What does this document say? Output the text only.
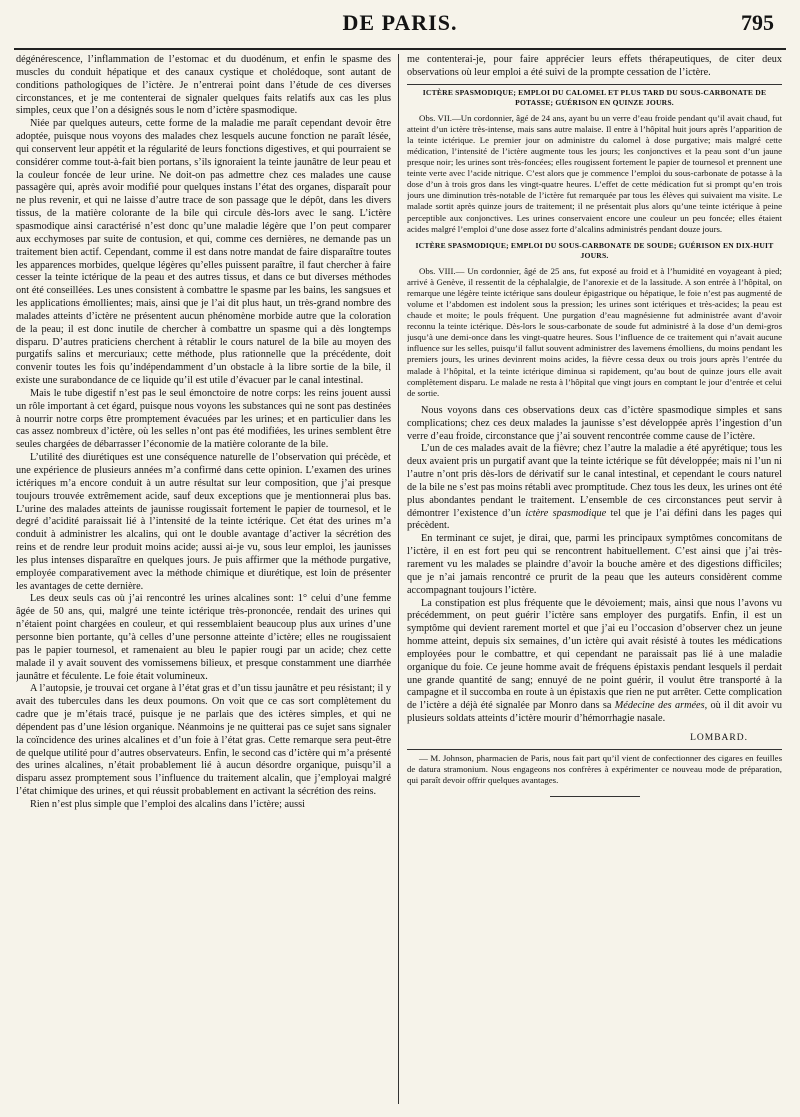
DE PARIS.	795

dégénérescence, l’inflammation de l’estomac et du duodénum, et enfin le spasme des muscles du conduit hépatique et des canaux cystique et cholédoque, sont autant de conditions pathologiques de l’ictère. Je n’entrerai point dans l’étude de ces diverses circonstances, et je me contenterai de signaler quelques faits relatifs aux cas les plus simples, ceux que l’on a désignés sous le nom d’ictère spasmodique.

Niée par quelques auteurs, cette forme de la maladie me paraît cependant devoir être adoptée, puisque nous voyons des malades chez lesquels aucune fonction ne paraît lésée, qui conservent leur appétit et la régularité de leurs fonctions digestives, et qui pourraient se considérer comme tout-à-fait bien portans, s’ils ignoraient la teinte jaunâtre de leur peau et la couleur foncée de leur urine. Ne doit-on pas admettre chez ces malades une cause passagère qui, après avoir modifié pour quelques instans l’état des organes, disparaît pour ne plus revenir, et qui ne laisse d’autre trace de son passage que le dépôt, dans les divers tissus, de la matière colorante de la bile qui circule dès-lors avec le sang. L’ictère spasmodique ainsi caractérisé n’est donc qu’une maladie légère que l’on peut comparer aux ecchymoses par suite de contusion, et qui, comme ces dernières, ne demande pas un traitement bien actif. Cependant, comme il est dans notre mandat de faire disparaître toutes les apparences morbides, quelque légères qu’elles puissent paraître, il faut chercher à faire cesser la teinte ictérique de la peau et des autres tissus, et dans ce but diverses méthodes ont été conseillées. Les unes consistent à combattre le spasme par les bains, les sangsues et les applications émollientes; mais, ainsi que je l’ai dit plus haut, un très-grand nombre des malades atteints d’ictère ne présentent aucun phénomène morbide autre que la coloration de la peau; il est donc inutile de chercher à combattre un spasme qui a dès longtemps disparu. D’autres praticiens cherchent à rétablir le cours naturel de la bile au moyen des purgatifs salins et mercuriaux; cette méthode, plus rationnelle que la précédente, doit convenir toutes les fois qu’indépendamment d’un obstacle à la libre sortie de la bile, il existe une surabondance de ce liquide qu’il est utile d’évacuer par le canal intestinal.

Mais le tube digestif n’est pas le seul émonctoire de notre corps: les reins jouent aussi un rôle important à cet égard, puisque nous voyons les substances qui ne sont pas destinées à nourrir notre corps être promptement évacuées par les urines; et en particulier dans les cas assez nombreux d’ictère, où les selles n’ont pas été modifiées, les urines semblent être seules chargées de débarrasser l’économie de la matière colorante de la bile.

L’utilité des diurétiques est une conséquence naturelle de l’observation qui précède, et une expérience de plusieurs années m’a confirmé dans cette opinion. L’examen des urines ictériques m’a encore conduit à un autre résultat sur leur composition, que j’ai presque toujours trouvée extrêmement acide, sauf deux exceptions que je mentionnerai plus bas. L’urine des malades atteints de jaunisse rougissait fortement le papier de tournesol, et le degré d’acidité paraissait lié à l’intensité de la teinte ictérique. Cet état des urines m’a conduit à administrer les alcalins, qui ont le double avantage d’activer la sécrétion des reins et de rendre leur produit moins acide; aussi ai-je vu, sous leur emploi, les jaunisses les plus intenses disparaître en quelques jours. Je puis affirmer que la méthode purgative, employée comparativement avec la méthode chimique et diurétique, est loin de présenter les avantages de cette dernière.

Les deux seuls cas où j’ai rencontré les urines alcalines sont: 1° celui d’une femme âgée de 50 ans, qui, malgré une teinte ictérique très-prononcée, rendait des urines qui n’étaient point chargées en couleur, et qui ressemblaient beaucoup plus aux urines d’une personne bien portante, qu’à celles d’une personne atteinte d’ictère; elles ne rougissaient pas le papier tournesol, et ramenaient au bleu le papier rougi par un acide; chez cette malade il y avait souvent des vomissemens bilieux, et presque constamment une diarrhée jaunâtre et féculente. Le foie était volumineux.

A l’autopsie, je trouvai cet organe à l’état gras et d’un tissu jaunâtre et peu résistant; il y avait des tubercules dans les deux poumons. On voit que ce cas sort complètement du cadre que je m’étais tracé, puisque je ne parlais que des ictères simples, et qui ne dépendent pas d’une lésion organique. Néanmoins je ne quitterai pas ce sujet sans signaler la coïncidence des urines alcalines et d’un foie à l’état gras. Cette remarque sera peut-être de quelque utilité pour d’autres observateurs. Enfin, le second cas d’ictère qui m’a présenté des urines alcalines, n’était probablement lié à aucun désordre organique, puisqu’il a disparu assez promptement sous l’influence du traitement alcalin, que j’employai malgré l’état chimique des urines, et qui réussit probablement en activant la sécrétion des reins.

Rien n’est plus simple que l’emploi des alcalins dans l’ictère; aussi

me contenterai-je, pour faire apprécier leurs effets thérapeutiques, de citer deux observations où leur emploi a été suivi de la prompte cessation de l’ictère.

ICTÈRE SPASMODIQUE; EMPLOI DU CALOMEL ET PLUS TARD DU SOUS-CARBONATE DE POTASSE; GUÉRISON EN QUINZE JOURS.

Obs. VII.—Un cordonnier, âgé de 24 ans, ayant bu un verre d’eau froide pendant qu’il avait chaud, fut atteint d’un ictère très-intense, mais sans autre malaise. Il entre à l’hôpital huit jours après l’apparition de la teinte ictérique. Le premier jour on administre du calomel à dose purgative; mais malgré cette médication, l’intensité de l’ictère augmente tous les jours; les conjonctives et la peau sont d’un jaune presque noir; les urines sont très-foncées; elles rougissent fortement le papier de tournesol et prennent une teinte verte avec l’acide nitrique. C’est alors que je commence l’emploi du sous-carbonate de potasse à la dose d’un à trois gros dans les vingt-quatre heures. L’effet de cette médication fut si prompt qu’en trois jours une diminution très-notable de l’ictère fut remarquée par tous les élèves qui suivaient ma visite. Le malade sortit après quinze jours de traitement; il ne présentait plus alors qu’une teinte ictérique à peine perceptible aux conjonctives. Les urines conservaient encore une couleur un peu foncée; elles étaient acides malgré l’emploi d’une dose assez forte d’alcalins administrés pendant douze jours.

ICTÈRE SPASMODIQUE; EMPLOI DU SOUS-CARBONATE DE SOUDE; GUÉRISON EN DIX-HUIT JOURS.

Obs. VIII.— Un cordonnier, âgé de 25 ans, fut exposé au froid et à l’humidité en voyageant à pied; arrivé à Genève, il ressentit de la céphalalgie, de l’anorexie et de la lassitude. A son entrée à l’hôpital, on remarque une légère teinte ictérique sans douleur épigastrique ou hépatique, le foie n’est pas augmenté de volume et l’abdomen est indolent sous la pression; les urines sont ictériques et très-acides; la peau est chaude et moite; le pouls fréquent. Une purgation d’eau magnésienne fut administrée avant d’avoir reconnu la teinte ictérique. Dès-lors le sous-carbonate de soude fut administré à la dose d’un demi-gros jusqu’à une demi-once dans les vingt-quatre heures. Sous l’influence de ce traitement qui n’avait aucune influence sur les selles, puisqu’il fallut souvent administrer des lavemens émolliens, du moins pendant les premiers jours, les urines devinrent moins acides, la fièvre cessa deux ou trois jours après l’entrée du malade à l’hôpital, et la teinte ictérique diminua si rapidement, qu’au bout de quinze jours elle avait complètement disparu. Le malade ne resta à l’hôpital que vingt jours en comptant le jour d’entrée et celui de sortie.

Nous voyons dans ces observations deux cas d’ictère spasmodique simples et sans complications; chez ces deux malades la jaunisse s’est développée après l’ingestion d’un verre d’eau froide, circonstance que j’ai souvent rencontrée comme cause de l’ictère.

L’un de ces malades avait de la fièvre; chez l’autre la maladie a été apyrétique; tous les deux avaient pris un purgatif avant que la teinte ictérique se fût développée; mais ni l’un ni l’autre n’ont pris dès-lors de dérivatif sur le canal intestinal, et cependant le cours naturel de la bile ne s’est pas moins rétabli avec promptitude. Chez tous les deux, les urines ont été plus abondantes pendant le traitement. L’ensemble de ces circonstances peut servir à démontrer l’existence d’un ictère spasmodique tel que je l’ai défini dans les pages qui précèdent.

En terminant ce sujet, je dirai, que, parmi les principaux symptômes concomitans de l’ictère, il en est fort peu qui se rencontrent habituellement. C’est ainsi que j’ai très-rarement vu les malades se plaindre d’avoir la bouche amère et des digestions difficiles; que je n’ai jamais rencontré ce prurit de la peau que les auteurs considèrent comme accompagnant toujours l’ictère.

La constipation est plus fréquente que le dévoiement; mais, ainsi que nous l’avons vu précédemment, on peut guérir l’ictère sans employer des purgatifs. Enfin, il est un symptôme qui devient rarement mortel et que j’ai eu l’occasion d’observer chez un jeune homme atteint, depuis six semaines, d’un ictère qui avait résisté à toutes les médications employées pour le combattre, et qui cependant ne paraissait pas lié à une maladie organique du foie. Ce jeune homme avait de fréquens épistaxis pendant lesquels il perdait une grande quantité de sang; ennuyé de ne point guérir, il voulut être transporté à la campagne et il succomba en route à un épistaxis que rien ne put arrêter. Cette complication de l’ictère a déjà été signalée par Monro dans sa Médecine des armées, où il dit avoir vu plusieurs soldats atteints d’ictère mourir d’hémorrhagie nasale.

LOMBARD.

— M. Johnson, pharmacien de Paris, nous fait part qu’il vient de confectionner des cigares en feuilles de datura stramonium. Nous engageons nos confrères à expérimenter ce nouveau mode de préparation, qui paraît devoir offrir quelques avantages.
